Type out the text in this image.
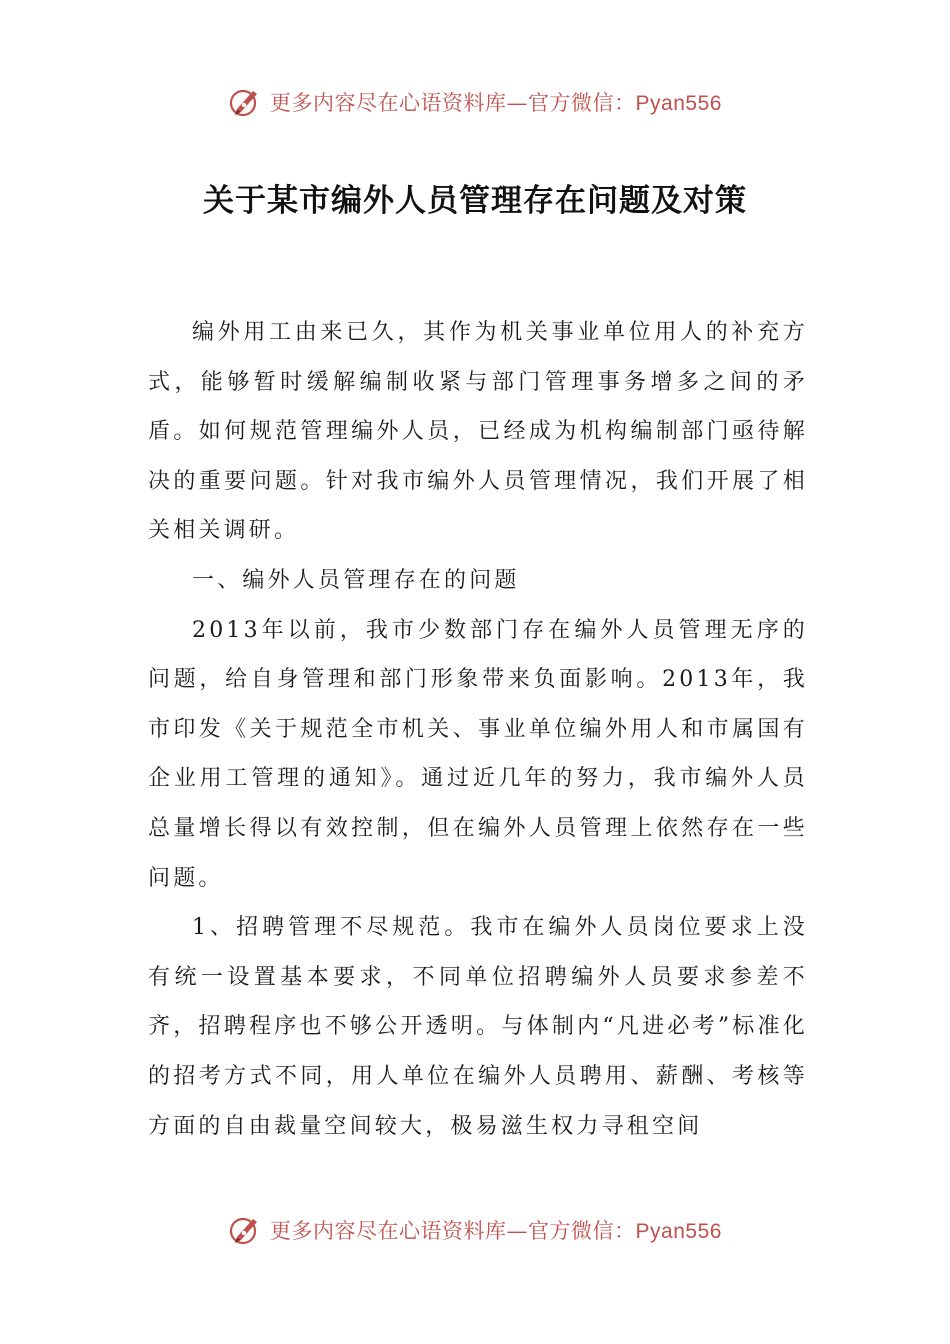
更多内容尽在心语资料库—官方微信：Pyan556
关于某市编外人员管理存在问题及对策

编外用工由来已久，其作为机关事业单位用人的补充方式，能够暂时缓解编制收紧与部门管理事务增多之间的矛盾。如何规范管理编外人员，已经成为机构编制部门亟待解决的重要问题。针对我市编外人员管理情况，我们开展了相关相关调研。

一、编外人员管理存在的问题

2013年以前，我市少数部门存在编外人员管理无序的问题，给自身管理和部门形象带来负面影响。2013年，我市印发《关于规范全市机关、事业单位编外用人和市属国有企业用工管理的通知》。通过近几年的努力，我市编外人员总量增长得以有效控制，但在编外人员管理上依然存在一些问题。

1、招聘管理不尽规范。我市在编外人员岗位要求上没有统一设置基本要求，不同单位招聘编外人员要求参差不齐，招聘程序也不够公开透明。与体制内“凡进必考”标准化的招考方式不同，用人单位在编外人员聘用、薪酬、考核等方面的自由裁量空间较大，极易滋生权力寻租空间

更多内容尽在心语资料库—官方微信：Pyan556
